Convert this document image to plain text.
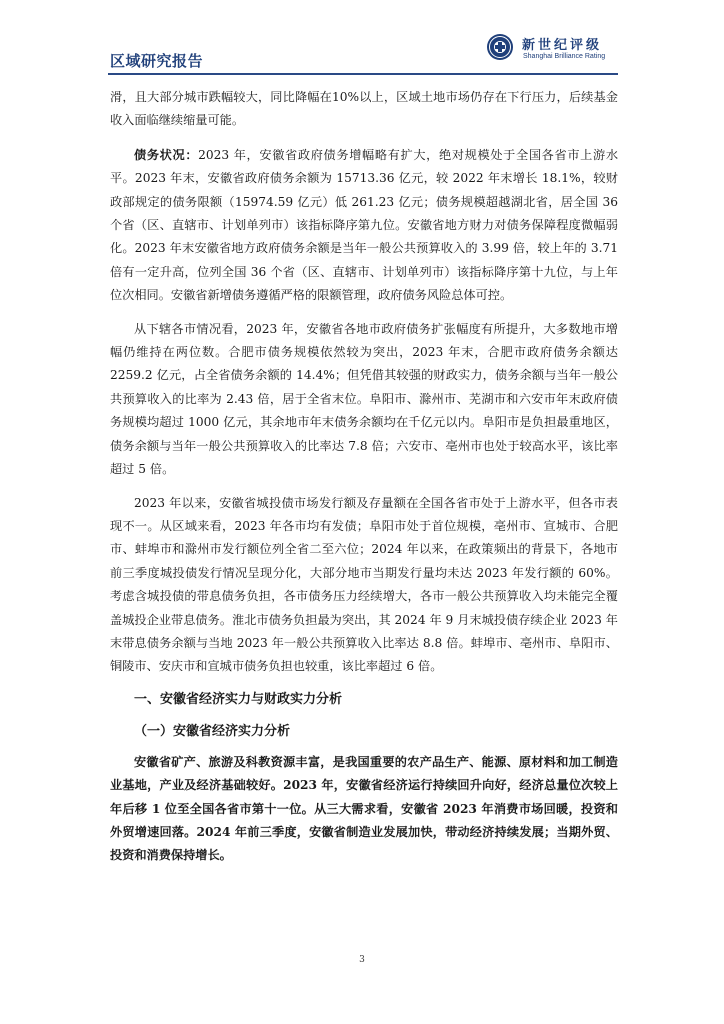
区域研究报告
新世纪评级
Shanghai Brilliance Rating

滑，且大部分城市跌幅较大，同比降幅在10%以上，区域土地市场仍存在下行压力，后续基金收入面临继续缩量可能。

债务状况：2023 年，安徽省政府债务增幅略有扩大，绝对规模处于全国各省市上游水平。2023 年末，安徽省政府债务余额为 15713.36 亿元，较 2022 年末增长 18.1%，较财政部规定的债务限额（15974.59 亿元）低 261.23 亿元；债务规模超越湖北省，居全国 36 个省（区、直辖市、计划单列市）该指标降序第九位。安徽省地方财力对债务保障程度微幅弱化。2023 年末安徽省地方政府债务余额是当年一般公共预算收入的 3.99 倍，较上年的 3.71 倍有一定升高，位列全国 36 个省（区、直辖市、计划单列市）该指标降序第十九位，与上年位次相同。安徽省新增债务遵循严格的限额管理，政府债务风险总体可控。

从下辖各市情况看，2023 年，安徽省各地市政府债务扩张幅度有所提升，大多数地市增幅仍维持在两位数。合肥市债务规模依然较为突出，2023 年末，合肥市政府债务余额达 2259.2 亿元，占全省债务余额的 14.4%；但凭借其较强的财政实力，债务余额与当年一般公共预算收入的比率为 2.43 倍，居于全省末位。阜阳市、滁州市、芜湖市和六安市年末政府债务规模均超过 1000 亿元，其余地市年末债务余额均在千亿元以内。阜阳市是负担最重地区，债务余额与当年一般公共预算收入的比率达 7.8 倍；六安市、亳州市也处于较高水平，该比率超过 5 倍。

2023 年以来，安徽省城投债市场发行额及存量额在全国各省市处于上游水平，但各市表现不一。从区域来看，2023 年各市均有发债；阜阳市处于首位规模，亳州市、宣城市、合肥市、蚌埠市和滁州市发行额位列全省二至六位；2024 年以来，在政策频出的背景下，各地市前三季度城投债发行情况呈现分化，大部分地市当期发行量均未达 2023 年发行额的 60%。考虑含城投债的带息债务负担，各市债务压力经续增大，各市一般公共预算收入均未能完全覆盖城投企业带息债务。淮北市债务负担最为突出，其 2024 年 9 月末城投债存续企业 2023 年末带息债务余额与当地 2023 年一般公共预算收入比率达 8.8 倍。蚌埠市、亳州市、阜阳市、铜陵市、安庆市和宣城市债务负担也较重，该比率超过 6 倍。

一、安徽省经济实力与财政实力分析
（一）安徽省经济实力分析

安徽省矿产、旅游及科教资源丰富，是我国重要的农产品生产、能源、原材料和加工制造业基地，产业及经济基础较好。2023 年，安徽省经济运行持续回升向好，经济总量位次较上年后移 1 位至全国各省市第十一位。从三大需求看，安徽省 2023 年消费市场回暖，投资和外贸增速回落。2024 年前三季度，安徽省制造业发展加快，带动经济持续发展；当期外贸、投资和消费保持增长。

3
